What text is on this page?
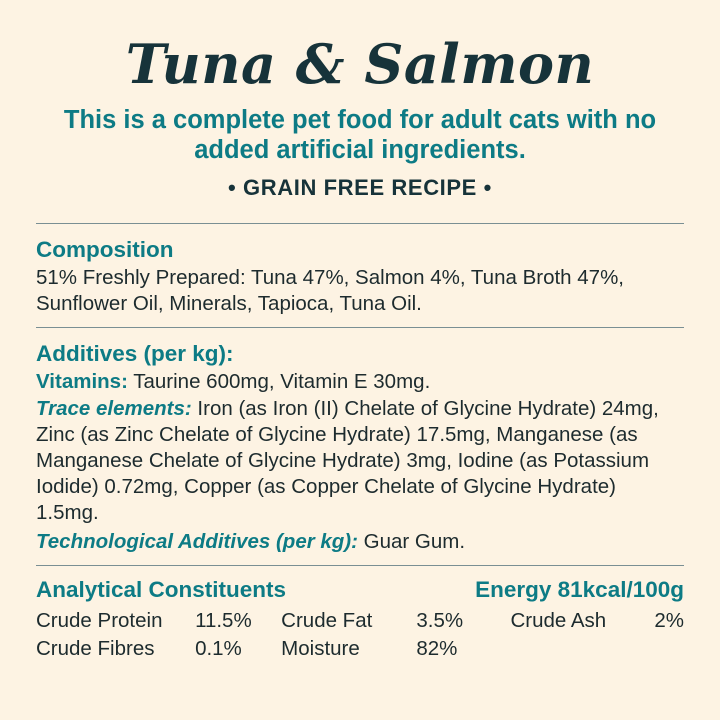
Tuna & Salmon
This is a complete pet food for adult cats with no added artificial ingredients.
• GRAIN FREE RECIPE •
Composition

51% Freshly Prepared: Tuna 47%, Salmon 4%, Tuna Broth 47%, Sunflower Oil, Minerals, Tapioca, Tuna Oil.

Additives (per kg):

Vitamins: Taurine 600mg, Vitamin E 30mg.

Trace elements: Iron (as Iron (II) Chelate of Glycine Hydrate) 24mg, Zinc (as Zinc Chelate of Glycine Hydrate) 17.5mg, Manganese (as Manganese Chelate of Glycine Hydrate) 3mg, Iodine (as Potassium Iodide) 0.72mg, Copper (as Copper Chelate of Glycine Hydrate) 1.5mg.

Technological Additives (per kg): Guar Gum.

Analytical Constituents	Energy 81kcal/100g
Crude Protein	11.5%	Crude Fat	3.5%	Crude Ash	2%
Crude Fibres	0.1%	Moisture	82%		
